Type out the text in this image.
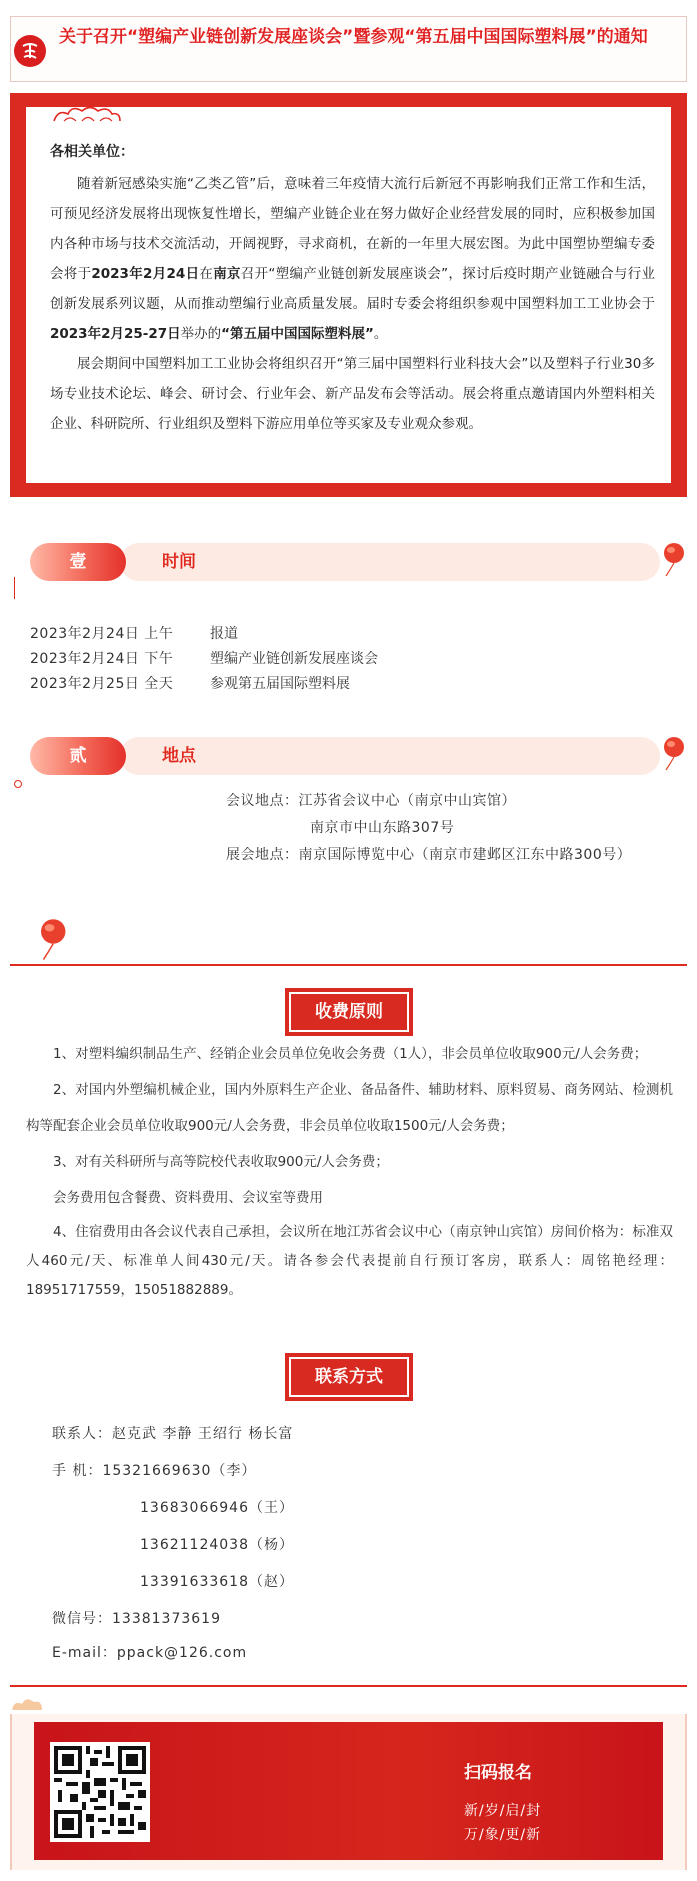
关于召开“塑编产业链创新发展座谈会”暨参观“第五届中国国际塑料展”的通知
各相关单位：

随着新冠感染实施“乙类乙管”后，意味着三年疫情大流行后新冠不再影响我们正常工作和生活，可预见经济发展将出现恢复性增长，塑编产业链企业在努力做好企业经营发展的同时，应积极参加国内各种市场与技术交流活动，开阔视野，寻求商机，在新的一年里大展宏图。为此中国塑协塑编专委会将于2023年2月24日在南京召开“塑编产业链创新发展座谈会”，探讨后疫时期产业链融合与行业创新发展系列议题，从而推动塑编行业高质量发展。届时专委会将组织参观中国塑料加工工业协会于2023年2月25-27日举办的“第五届中国国际塑料展”。

展会期间中国塑料加工工业协会将组织召开“第三届中国塑料行业科技大会”以及塑料子行业30多场专业技术论坛、峰会、研讨会、行业年会、新产品发布会等活动。展会将重点邀请国内外塑料相关企业、科研院所、行业组织及塑料下游应用单位等买家及专业观众参观。

壹	时间
2023年2月24日 上午	报道
2023年2月24日 下午	塑编产业链创新发展座谈会
2023年2月25日 全天	参观第五届国际塑料展
贰	地点
会议地点：江苏省会议中心（南京中山宾馆）
南京市中山东路307号
展会地点：南京国际博览中心（南京市建邺区江东中路300号）
收费原则

1、对塑料编织制品生产、经销企业会员单位免收会务费（1人），非会员单位收取900元/人会务费；

2、对国内外塑编机械企业，国内外原料生产企业、备品备件、辅助材料、原料贸易、商务网站、检测机构等配套企业会员单位收取900元/人会务费，非会员单位收取1500元/人会务费；

3、对有关科研所与高等院校代表收取900元/人会务费；

会务费用包含餐费、资料费用、会议室等费用

4、住宿费用由各会议代表自己承担，会议所在地江苏省会议中心（南京钟山宾馆）房间价格为：标准双人460元/天、标准单人间430元/天。请各参会代表提前自行预订客房，联系人：周铭艳经理：18951717559，15051882889。

联系方式
联系人：赵克武 李静 王绍行 杨长富
手 机：15321669630（李）
13683066946（王）
13621124038（杨）
13391633618（赵）
微信号：13381373619
E-mail：ppack@126.com
扫码报名
新/岁/启/封
万/象/更/新
